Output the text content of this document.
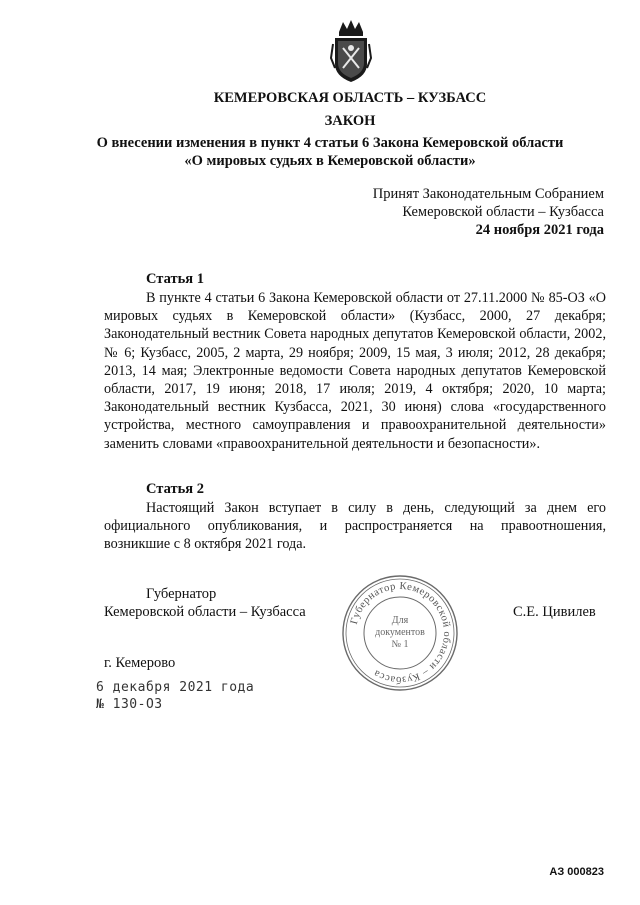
КЕМЕРОВСКАЯ ОБЛАСТЬ – КУЗБАСС
ЗАКОН
О внесении изменения в пункт 4 статьи 6 Закона Кемеровской области
«О мировых судьях в Кемеровской области»
Принят Законодательным Собранием
Кемеровской области – Кузбасса
24 ноября 2021 года
Статья 1
В пункте 4 статьи 6 Закона Кемеровской области от 27.11.2000 № 85-ОЗ «О мировых судьях в Кемеровской области» (Кузбасс, 2000, 27 декабря; Законодательный вестник Совета народных депутатов Кемеровской области, 2002, № 6; Кузбасс, 2005, 2 марта, 29 ноября; 2009, 15 мая, 3 июля; 2012, 28 декабря; 2013, 14 мая; Электронные ведомости Совета народных депутатов Кемеровской области, 2017, 19 июня; 2018, 17 июля; 2019, 4 октября; 2020, 10 марта; Законодательный вестник Кузбасса, 2021, 30 июня) слова «государственного устройства, местного самоуправления и правоохранительной деятельности» заменить словами «правоохранительной деятельности и безопасности».
Статья 2
Настоящий Закон вступает в силу в день, следующий за днем его официального опубликования, и распространяется на правоотношения, возникшие с 8 октября 2021 года.
Губернатор
Кемеровской области – Кузбасса	С.Е. Цивилев
Губернатор Кемеровской области – Кузбасса
Для
документов
№ 1
г. Кемерово
6 декабря 2021 года
№ 130-ОЗ
АЗ 000823
